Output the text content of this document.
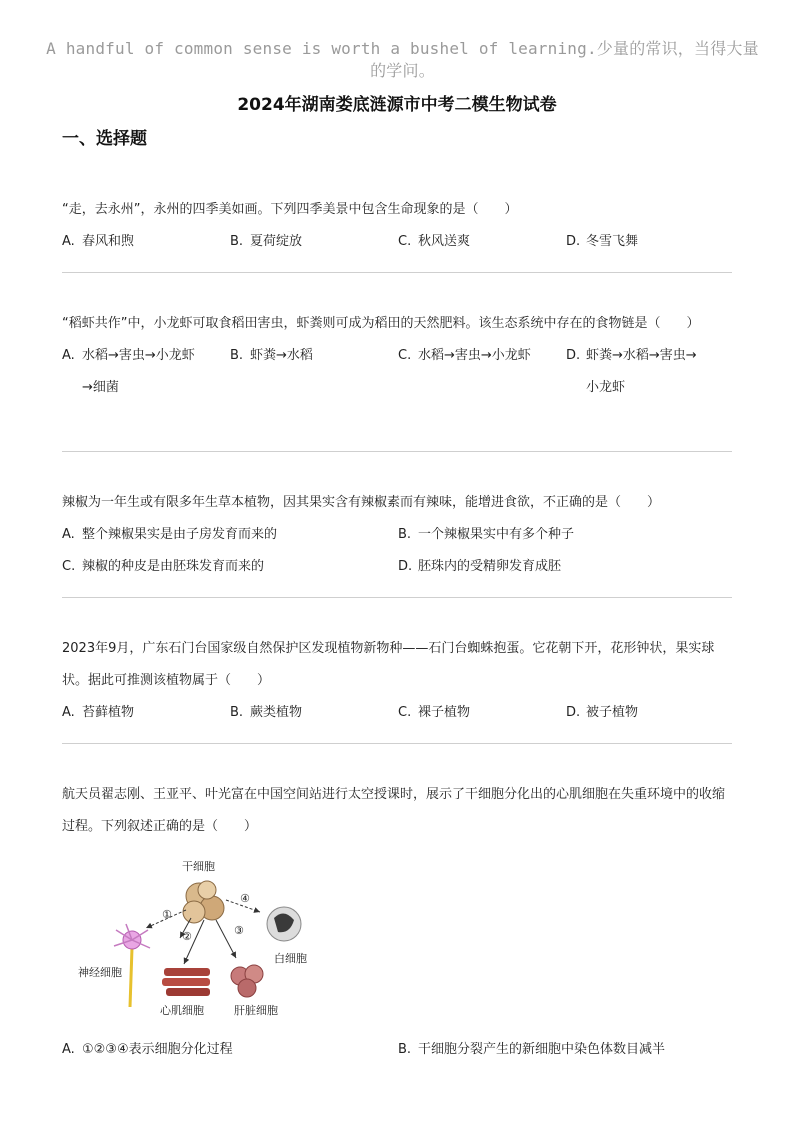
A handful of common sense is worth a bushel of learning.少量的常识，当得大量的学问。
2024年湖南娄底涟源市中考二模生物试卷
一、选择题
“走，去永州”，永州的四季美如画。下列四季美景中包含生命现象的是（　　）
A. 春风和煦	B. 夏荷绽放	C. 秋风送爽	D. 冬雪飞舞
“稻虾共作”中，小龙虾可取食稻田害虫，虾粪则可成为稻田的天然肥料。该生态系统中存在的食物链是（　　）
A. 水稻→害虫→小龙虾
→细菌
B. 虾粪→水稻	C. 水稻→害虫→小龙虾	D. 虾粪→水稻→害虫→
小龙虾
辣椒为一年生或有限多年生草本植物，因其果实含有辣椒素而有辣味，能增进食欲，不正确的是（　　）
A. 整个辣椒果实是由子房发育而来的	B. 一个辣椒果实中有多个种子
C. 辣椒的种皮是由胚珠发育而来的	D. 胚珠内的受精卵发育成胚
2023年9月，广东石门台国家级自然保护区发现植物新物种——石门台蜘蛛抱蛋。它花朝下开，花形钟状，果实球状。据此可推测该植物属于（　　）
A. 苔藓植物	B. 蕨类植物	C. 裸子植物	D. 被子植物
航天员翟志刚、王亚平、叶光富在中国空间站进行太空授课时，展示了干细胞分化出的心肌细胞在失重环境中的收缩过程。下列叙述正确的是（　　）
干细胞
①
②	③
④
神经细胞
心肌细胞	肝脏细胞
白细胞
A. ①②③④表示细胞分化过程	B. 干细胞分裂产生的新细胞中染色体数目减半
